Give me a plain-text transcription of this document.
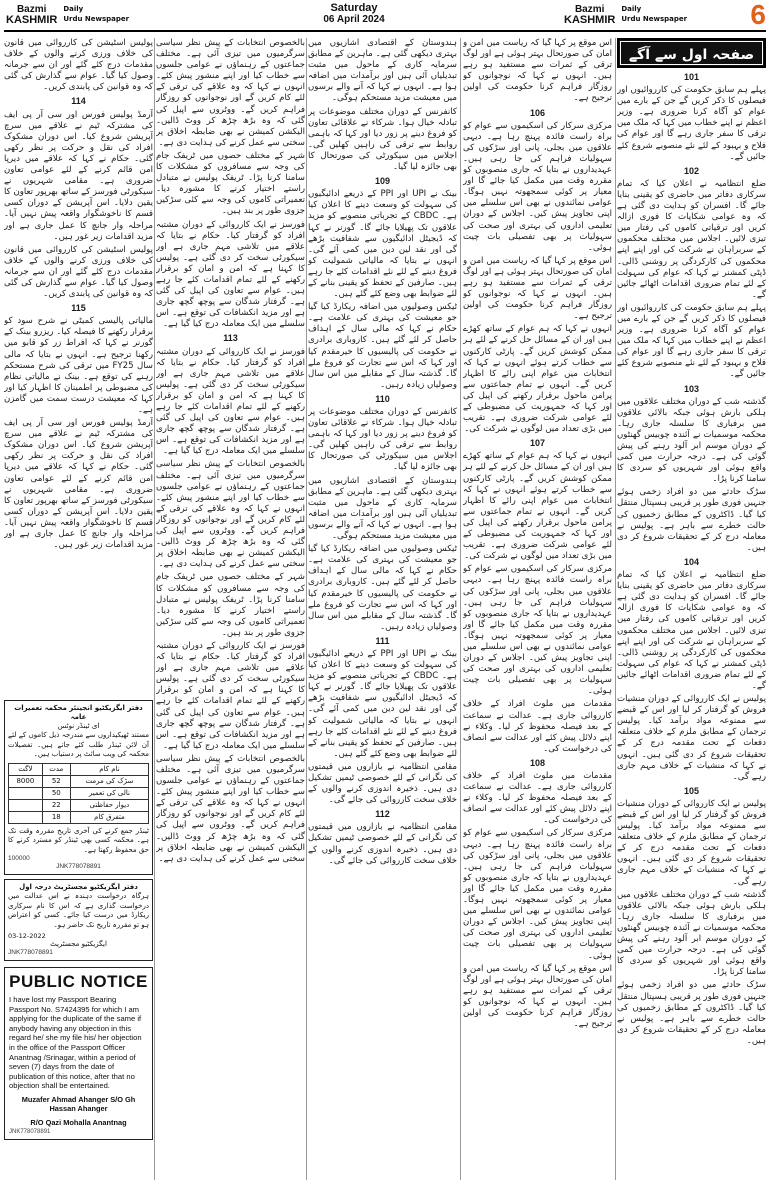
Bazmi
KASHMIR
Daily
Urdu Newspaper
Saturday
06 April 2024
Bazmi
KASHMIR
Daily
Urdu Newspaper 6
صفحہ اول سے آگے
101

پہلے ہم سابق حکومت کی کارروائیوں اور فیصلوں کا ذکر کریں گے جن کے بارے میں عوام کو آگاہ کرنا ضروری ہے۔ وزیر اعظم نے اپنے خطاب میں کہا کہ ملک میں ترقی کا سفر جاری رہے گا اور عوام کی فلاح و بہبود کے لئے نئے منصوبے شروع کئے جائیں گے۔

102

ضلع انتظامیہ نے اعلان کیا کہ تمام سرکاری دفاتر میں حاضری کو یقینی بنایا جائے گا۔ افسران کو ہدایت دی گئی ہے کہ وہ عوامی شکایات کا فوری ازالہ کریں اور ترقیاتی کاموں کی رفتار میں تیزی لائیں۔ اجلاس میں مختلف محکموں کے سربراہان نے شرکت کی اور اپنے اپنے محکموں کی کارکردگی پر روشنی ڈالی۔ ڈپٹی کمشنر نے کہا کہ عوام کی سہولت کے لئے تمام ضروری اقدامات اٹھائے جائیں گے۔

پہلے ہم سابق حکومت کی کارروائیوں اور فیصلوں کا ذکر کریں گے جن کے بارے میں عوام کو آگاہ کرنا ضروری ہے۔ وزیر اعظم نے اپنے خطاب میں کہا کہ ملک میں ترقی کا سفر جاری رہے گا اور عوام کی فلاح و بہبود کے لئے نئے منصوبے شروع کئے جائیں گے۔

103

گذشتہ شب کے دوران مختلف علاقوں میں ہلکی بارش ہوئی جبکہ بالائی علاقوں میں برفباری کا سلسلہ جاری رہا۔ محکمہ موسمیات نے آئندہ چوبیس گھنٹوں کے دوران موسم ابر آلود رہنے کی پیش گوئی کی ہے۔ درجہ حرارت میں کمی واقع ہوئی اور شہریوں کو سردی کا سامنا کرنا پڑا۔

سڑک حادثے میں دو افراد زخمی ہوئے جنہیں فوری طور پر قریبی ہسپتال منتقل کیا گیا۔ ڈاکٹروں کے مطابق زخمیوں کی حالت خطرے سے باہر ہے۔ پولیس نے معاملہ درج کر کے تحقیقات شروع کر دی ہیں۔

104

ضلع انتظامیہ نے اعلان کیا کہ تمام سرکاری دفاتر میں حاضری کو یقینی بنایا جائے گا۔ افسران کو ہدایت دی گئی ہے کہ وہ عوامی شکایات کا فوری ازالہ کریں اور ترقیاتی کاموں کی رفتار میں تیزی لائیں۔ اجلاس میں مختلف محکموں کے سربراہان نے شرکت کی اور اپنے اپنے محکموں کی کارکردگی پر روشنی ڈالی۔ ڈپٹی کمشنر نے کہا کہ عوام کی سہولت کے لئے تمام ضروری اقدامات اٹھائے جائیں گے۔

پولیس نے ایک کارروائی کے دوران منشیات فروش کو گرفتار کر لیا اور اس کے قبضے سے ممنوعہ مواد برآمد کیا۔ پولیس ترجمان کے مطابق ملزم کے خلاف متعلقہ دفعات کے تحت مقدمہ درج کر کے تحقیقات شروع کر دی گئی ہیں۔ انہوں نے کہا کہ منشیات کے خلاف مہم جاری رہے گی۔

105

پولیس نے ایک کارروائی کے دوران منشیات فروش کو گرفتار کر لیا اور اس کے قبضے سے ممنوعہ مواد برآمد کیا۔ پولیس ترجمان کے مطابق ملزم کے خلاف متعلقہ دفعات کے تحت مقدمہ درج کر کے تحقیقات شروع کر دی گئی ہیں۔ انہوں نے کہا کہ منشیات کے خلاف مہم جاری رہے گی۔

گذشتہ شب کے دوران مختلف علاقوں میں ہلکی بارش ہوئی جبکہ بالائی علاقوں میں برفباری کا سلسلہ جاری رہا۔ محکمہ موسمیات نے آئندہ چوبیس گھنٹوں کے دوران موسم ابر آلود رہنے کی پیش گوئی کی ہے۔ درجہ حرارت میں کمی واقع ہوئی اور شہریوں کو سردی کا سامنا کرنا پڑا۔

سڑک حادثے میں دو افراد زخمی ہوئے جنہیں فوری طور پر قریبی ہسپتال منتقل کیا گیا۔ ڈاکٹروں کے مطابق زخمیوں کی حالت خطرے سے باہر ہے۔ پولیس نے معاملہ درج کر کے تحقیقات شروع کر دی ہیں۔

اس موقع پر کہا گیا کہ ریاست میں امن و امان کی صورتحال بہتر ہوئی ہے اور لوگ ترقی کے ثمرات سے مستفید ہو رہے ہیں۔ انہوں نے کہا کہ نوجوانوں کو روزگار فراہم کرنا حکومت کی اولین ترجیح ہے۔

106

مرکزی سرکار کی اسکیموں سے عوام کو براہ راست فائدہ پہنچ رہا ہے۔ دیہی علاقوں میں بجلی، پانی اور سڑکوں کی سہولیات فراہم کی جا رہی ہیں۔ عہدیداروں نے بتایا کہ جاری منصوبوں کو مقررہ وقت میں مکمل کیا جائے گا اور معیار پر کوئی سمجھوتہ نہیں ہوگا۔ عوامی نمائندوں نے بھی اس سلسلے میں اپنی تجاویز پیش کیں۔ اجلاس کے دوران تعلیمی اداروں کی بہتری اور صحت کی سہولیات پر بھی تفصیلی بات چیت ہوئی۔

اس موقع پر کہا گیا کہ ریاست میں امن و امان کی صورتحال بہتر ہوئی ہے اور لوگ ترقی کے ثمرات سے مستفید ہو رہے ہیں۔ انہوں نے کہا کہ نوجوانوں کو روزگار فراہم کرنا حکومت کی اولین ترجیح ہے۔

انہوں نے کہا کہ ہم عوام کے ساتھ کھڑے ہیں اور ان کے مسائل حل کرنے کے لئے ہر ممکن کوشش کریں گے۔ پارٹی کارکنوں سے خطاب کرتے ہوئے انہوں نے کہا کہ انتخابات میں عوام اپنی رائے کا اظہار کریں گے۔ انہوں نے تمام جماعتوں سے پرامن ماحول برقرار رکھنے کی اپیل کی اور کہا کہ جمہوریت کی مضبوطی کے لئے عوامی شرکت ضروری ہے۔ تقریب میں بڑی تعداد میں لوگوں نے شرکت کی۔

107

انہوں نے کہا کہ ہم عوام کے ساتھ کھڑے ہیں اور ان کے مسائل حل کرنے کے لئے ہر ممکن کوشش کریں گے۔ پارٹی کارکنوں سے خطاب کرتے ہوئے انہوں نے کہا کہ انتخابات میں عوام اپنی رائے کا اظہار کریں گے۔ انہوں نے تمام جماعتوں سے پرامن ماحول برقرار رکھنے کی اپیل کی اور کہا کہ جمہوریت کی مضبوطی کے لئے عوامی شرکت ضروری ہے۔ تقریب میں بڑی تعداد میں لوگوں نے شرکت کی۔

مرکزی سرکار کی اسکیموں سے عوام کو براہ راست فائدہ پہنچ رہا ہے۔ دیہی علاقوں میں بجلی، پانی اور سڑکوں کی سہولیات فراہم کی جا رہی ہیں۔ عہدیداروں نے بتایا کہ جاری منصوبوں کو مقررہ وقت میں مکمل کیا جائے گا اور معیار پر کوئی سمجھوتہ نہیں ہوگا۔ عوامی نمائندوں نے بھی اس سلسلے میں اپنی تجاویز پیش کیں۔ اجلاس کے دوران تعلیمی اداروں کی بہتری اور صحت کی سہولیات پر بھی تفصیلی بات چیت ہوئی۔

مقدمات میں ملوث افراد کے خلاف کارروائی جاری ہے۔ عدالت نے سماعت کے بعد فیصلہ محفوظ کر لیا۔ وکلاء نے اپنے دلائل پیش کئے اور عدالت سے انصاف کی درخواست کی۔

108

مقدمات میں ملوث افراد کے خلاف کارروائی جاری ہے۔ عدالت نے سماعت کے بعد فیصلہ محفوظ کر لیا۔ وکلاء نے اپنے دلائل پیش کئے اور عدالت سے انصاف کی درخواست کی۔

مرکزی سرکار کی اسکیموں سے عوام کو براہ راست فائدہ پہنچ رہا ہے۔ دیہی علاقوں میں بجلی، پانی اور سڑکوں کی سہولیات فراہم کی جا رہی ہیں۔ عہدیداروں نے بتایا کہ جاری منصوبوں کو مقررہ وقت میں مکمل کیا جائے گا اور معیار پر کوئی سمجھوتہ نہیں ہوگا۔ عوامی نمائندوں نے بھی اس سلسلے میں اپنی تجاویز پیش کیں۔ اجلاس کے دوران تعلیمی اداروں کی بہتری اور صحت کی سہولیات پر بھی تفصیلی بات چیت ہوئی۔

اس موقع پر کہا گیا کہ ریاست میں امن و امان کی صورتحال بہتر ہوئی ہے اور لوگ ترقی کے ثمرات سے مستفید ہو رہے ہیں۔ انہوں نے کہا کہ نوجوانوں کو روزگار فراہم کرنا حکومت کی اولین ترجیح ہے۔

ہندوستان کے اقتصادی اشاریوں میں بہتری دیکھی گئی ہے۔ ماہرین کے مطابق سرمایہ کاری کے ماحول میں مثبت تبدیلیاں آئی ہیں اور برآمدات میں اضافہ ہوا ہے۔ انہوں نے کہا کہ آنے والے برسوں میں معیشت مزید مستحکم ہوگی۔

کانفرنس کے دوران مختلف موضوعات پر تبادلہ خیال ہوا۔ شرکاء نے علاقائی تعاون کو فروغ دینے پر زور دیا اور کہا کہ باہمی روابط سے ترقی کی راہیں کھلیں گی۔ اجلاس میں سیکورٹی کی صورتحال کا بھی جائزہ لیا گیا۔

109

بینک نے UPI اور PPI کے ذریعے ادائیگیوں کی سہولت کو وسعت دینے کا اعلان کیا ہے۔ CBDC کے تجرباتی منصوبے کو مزید علاقوں تک پھیلایا جائے گا۔ گورنر نے کہا کہ ڈیجیٹل ادائیگیوں سے شفافیت بڑھے گی اور نقد لین دین میں کمی آئے گی۔ انہوں نے بتایا کہ مالیاتی شمولیت کو فروغ دینے کے لئے نئے اقدامات کئے جا رہے ہیں۔ صارفین کے تحفظ کو یقینی بنانے کے لئے ضوابط بھی وضع کئے گئے ہیں۔

ٹیکس وصولیوں میں اضافہ ریکارڈ کیا گیا جو معیشت کی بہتری کی علامت ہے۔ حکام نے کہا کہ مالی سال کے اہداف حاصل کر لئے گئے ہیں۔ کاروباری برادری نے حکومت کی پالیسیوں کا خیرمقدم کیا اور کہا کہ اس سے تجارت کو فروغ ملے گا۔ گذشتہ سال کے مقابلے میں اس سال وصولیاں زیادہ رہیں۔

110

کانفرنس کے دوران مختلف موضوعات پر تبادلہ خیال ہوا۔ شرکاء نے علاقائی تعاون کو فروغ دینے پر زور دیا اور کہا کہ باہمی روابط سے ترقی کی راہیں کھلیں گی۔ اجلاس میں سیکورٹی کی صورتحال کا بھی جائزہ لیا گیا۔

ہندوستان کے اقتصادی اشاریوں میں بہتری دیکھی گئی ہے۔ ماہرین کے مطابق سرمایہ کاری کے ماحول میں مثبت تبدیلیاں آئی ہیں اور برآمدات میں اضافہ ہوا ہے۔ انہوں نے کہا کہ آنے والے برسوں میں معیشت مزید مستحکم ہوگی۔

ٹیکس وصولیوں میں اضافہ ریکارڈ کیا گیا جو معیشت کی بہتری کی علامت ہے۔ حکام نے کہا کہ مالی سال کے اہداف حاصل کر لئے گئے ہیں۔ کاروباری برادری نے حکومت کی پالیسیوں کا خیرمقدم کیا اور کہا کہ اس سے تجارت کو فروغ ملے گا۔ گذشتہ سال کے مقابلے میں اس سال وصولیاں زیادہ رہیں۔

111

بینک نے UPI اور PPI کے ذریعے ادائیگیوں کی سہولت کو وسعت دینے کا اعلان کیا ہے۔ CBDC کے تجرباتی منصوبے کو مزید علاقوں تک پھیلایا جائے گا۔ گورنر نے کہا کہ ڈیجیٹل ادائیگیوں سے شفافیت بڑھے گی اور نقد لین دین میں کمی آئے گی۔ انہوں نے بتایا کہ مالیاتی شمولیت کو فروغ دینے کے لئے نئے اقدامات کئے جا رہے ہیں۔ صارفین کے تحفظ کو یقینی بنانے کے لئے ضوابط بھی وضع کئے گئے ہیں۔

مقامی انتظامیہ نے بازاروں میں قیمتوں کی نگرانی کے لئے خصوصی ٹیمیں تشکیل دی ہیں۔ ذخیرہ اندوزی کرنے والوں کے خلاف سخت کارروائی کی جائے گی۔

112

مقامی انتظامیہ نے بازاروں میں قیمتوں کی نگرانی کے لئے خصوصی ٹیمیں تشکیل دی ہیں۔ ذخیرہ اندوزی کرنے والوں کے خلاف سخت کارروائی کی جائے گی۔

بالخصوص انتخابات کے پیش نظر سیاسی سرگرمیوں میں تیزی آئی ہے۔ مختلف جماعتوں کے رہنماؤں نے عوامی جلسوں سے خطاب کیا اور اپنے منشور پیش کئے۔ انہوں نے کہا کہ وہ علاقے کی ترقی کے لئے کام کریں گے اور نوجوانوں کو روزگار فراہم کریں گے۔ ووٹروں سے اپیل کی گئی کہ وہ بڑھ چڑھ کر ووٹ ڈالیں۔ الیکشن کمیشن نے بھی ضابطہ اخلاق پر سختی سے عمل کرنے کی ہدایت دی ہے۔

شہر کے مختلف حصوں میں ٹریفک جام کی وجہ سے مسافروں کو مشکلات کا سامنا کرنا پڑا۔ ٹریفک پولیس نے متبادل راستے اختیار کرنے کا مشورہ دیا۔ تعمیراتی کاموں کی وجہ سے کئی سڑکیں جزوی طور پر بند ہیں۔

فورسز نے ایک کارروائی کے دوران مشتبہ افراد کو گرفتار کیا۔ حکام نے بتایا کہ علاقے میں تلاشی مہم جاری ہے اور سیکورٹی سخت کر دی گئی ہے۔ پولیس کا کہنا ہے کہ امن و امان کو برقرار رکھنے کے لئے تمام اقدامات کئے جا رہے ہیں۔ عوام سے تعاون کی اپیل کی گئی ہے۔ گرفتار شدگان سے پوچھ گچھ جاری ہے اور مزید انکشافات کی توقع ہے۔ اس سلسلے میں ایک معاملہ درج کیا گیا ہے۔

113

فورسز نے ایک کارروائی کے دوران مشتبہ افراد کو گرفتار کیا۔ حکام نے بتایا کہ علاقے میں تلاشی مہم جاری ہے اور سیکورٹی سخت کر دی گئی ہے۔ پولیس کا کہنا ہے کہ امن و امان کو برقرار رکھنے کے لئے تمام اقدامات کئے جا رہے ہیں۔ عوام سے تعاون کی اپیل کی گئی ہے۔ گرفتار شدگان سے پوچھ گچھ جاری ہے اور مزید انکشافات کی توقع ہے۔ اس سلسلے میں ایک معاملہ درج کیا گیا ہے۔

بالخصوص انتخابات کے پیش نظر سیاسی سرگرمیوں میں تیزی آئی ہے۔ مختلف جماعتوں کے رہنماؤں نے عوامی جلسوں سے خطاب کیا اور اپنے منشور پیش کئے۔ انہوں نے کہا کہ وہ علاقے کی ترقی کے لئے کام کریں گے اور نوجوانوں کو روزگار فراہم کریں گے۔ ووٹروں سے اپیل کی گئی کہ وہ بڑھ چڑھ کر ووٹ ڈالیں۔ الیکشن کمیشن نے بھی ضابطہ اخلاق پر سختی سے عمل کرنے کی ہدایت دی ہے۔

شہر کے مختلف حصوں میں ٹریفک جام کی وجہ سے مسافروں کو مشکلات کا سامنا کرنا پڑا۔ ٹریفک پولیس نے متبادل راستے اختیار کرنے کا مشورہ دیا۔ تعمیراتی کاموں کی وجہ سے کئی سڑکیں جزوی طور پر بند ہیں۔

فورسز نے ایک کارروائی کے دوران مشتبہ افراد کو گرفتار کیا۔ حکام نے بتایا کہ علاقے میں تلاشی مہم جاری ہے اور سیکورٹی سخت کر دی گئی ہے۔ پولیس کا کہنا ہے کہ امن و امان کو برقرار رکھنے کے لئے تمام اقدامات کئے جا رہے ہیں۔ عوام سے تعاون کی اپیل کی گئی ہے۔ گرفتار شدگان سے پوچھ گچھ جاری ہے اور مزید انکشافات کی توقع ہے۔ اس سلسلے میں ایک معاملہ درج کیا گیا ہے۔

بالخصوص انتخابات کے پیش نظر سیاسی سرگرمیوں میں تیزی آئی ہے۔ مختلف جماعتوں کے رہنماؤں نے عوامی جلسوں سے خطاب کیا اور اپنے منشور پیش کئے۔ انہوں نے کہا کہ وہ علاقے کی ترقی کے لئے کام کریں گے اور نوجوانوں کو روزگار فراہم کریں گے۔ ووٹروں سے اپیل کی گئی کہ وہ بڑھ چڑھ کر ووٹ ڈالیں۔ الیکشن کمیشن نے بھی ضابطہ اخلاق پر سختی سے عمل کرنے کی ہدایت دی ہے۔

پولیس اسٹیشن کی کارروائی میں قانون کی خلاف ورزی کرنے والوں کے خلاف مقدمات درج کئے گئے اور ان سے جرمانہ وصول کیا گیا۔ عوام سے گذارش کی گئی کہ وہ قوانین کی پابندی کریں۔

114

آرمڈ پولیس فورس اور سی آر پی ایف کی مشترکہ ٹیم نے علاقے میں سرچ آپریشن شروع کیا۔ اس دوران مشکوک افراد کی نقل و حرکت پر نظر رکھی گئی۔ حکام نے کہا کہ علاقے میں دیرپا امن قائم کرنے کے لئے عوامی تعاون ضروری ہے۔ مقامی شہریوں نے سیکورٹی فورسز کے ساتھ بھرپور تعاون کا یقین دلایا۔ اس آپریشن کے دوران کسی قسم کا ناخوشگوار واقعہ پیش نہیں آیا۔ مراحلہ وار جانچ کا عمل جاری ہے اور مزید اقدامات زیر غور ہیں۔

پولیس اسٹیشن کی کارروائی میں قانون کی خلاف ورزی کرنے والوں کے خلاف مقدمات درج کئے گئے اور ان سے جرمانہ وصول کیا گیا۔ عوام سے گذارش کی گئی کہ وہ قوانین کی پابندی کریں۔

115

مالیاتی پالیسی کمیٹی نے شرح سود کو برقرار رکھنے کا فیصلہ کیا۔ ریزرو بینک کے گورنر نے کہا کہ افراط زر کو قابو میں رکھنا ترجیح ہے۔ انہوں نے بتایا کہ مالی سال FY25 میں ترقی کی شرح مستحکم رہنے کی توقع ہے۔ بینک نے مالیاتی نظام کی مضبوطی پر اطمینان کا اظہار کیا اور کہا کہ معیشت درست سمت میں گامزن ہے۔

آرمڈ پولیس فورس اور سی آر پی ایف کی مشترکہ ٹیم نے علاقے میں سرچ آپریشن شروع کیا۔ اس دوران مشکوک افراد کی نقل و حرکت پر نظر رکھی گئی۔ حکام نے کہا کہ علاقے میں دیرپا امن قائم کرنے کے لئے عوامی تعاون ضروری ہے۔ مقامی شہریوں نے سیکورٹی فورسز کے ساتھ بھرپور تعاون کا یقین دلایا۔ اس آپریشن کے دوران کسی قسم کا ناخوشگوار واقعہ پیش نہیں آیا۔ مراحلہ وار جانچ کا عمل جاری ہے اور مزید اقدامات زیر غور ہیں۔

دفتر ایگزیکٹیو انجینئر محکمہ تعمیرات عامہ
ای ٹینڈر نوٹس
مستند ٹھیکیداروں سے مندرجہ ذیل کاموں کے لئے آن لائن ٹینڈر طلب کئے جاتے ہیں۔ تفصیلات محکمہ کی ویب سائٹ پر دستیاب ہیں۔
نام کام	مدت	لاگت
سڑک کی مرمت	52	8000
نالی کی تعمیر	50	
دیوار حفاظتی	22	
متفرق کام	18	
ٹینڈر جمع کرنے کی آخری تاریخ مقررہ وقت تک ہے۔ محکمہ کسی بھی ٹینڈر کو مسترد کرنے کا حق محفوظ رکھتا ہے۔
100000
JNK778078891
دفتر ایگزیکٹیو مجسٹریٹ درجہ اول
ہرگاہ درخواست دہندہ نے اس عدالت میں درخواست گذاری ہے کہ اس کا نام سرکاری ریکارڈ میں درست کیا جائے۔ کسی کو اعتراض ہو تو مقررہ تاریخ تک حاضر ہو۔
03-12-2022
ایگزیکٹیو مجسٹریٹ
JNK778078891
PUBLIC NOTICE
I have lost my Passport Bearing Passport No. S7424395 for which I am applying for the duplicate of the same if anybody having any objection in this regard he/ she my file his/ her objection in the office of the Passport Officer Anantnag /Srinagar, within a period of seven (7) days from the date of publication of this notice, after that no objection shall be entertained.
Muzafer Ahmad Ahanger S/O Gh Hassan Ahanger
R/O Qazi Mohalla Anantnag
JNK778078891
